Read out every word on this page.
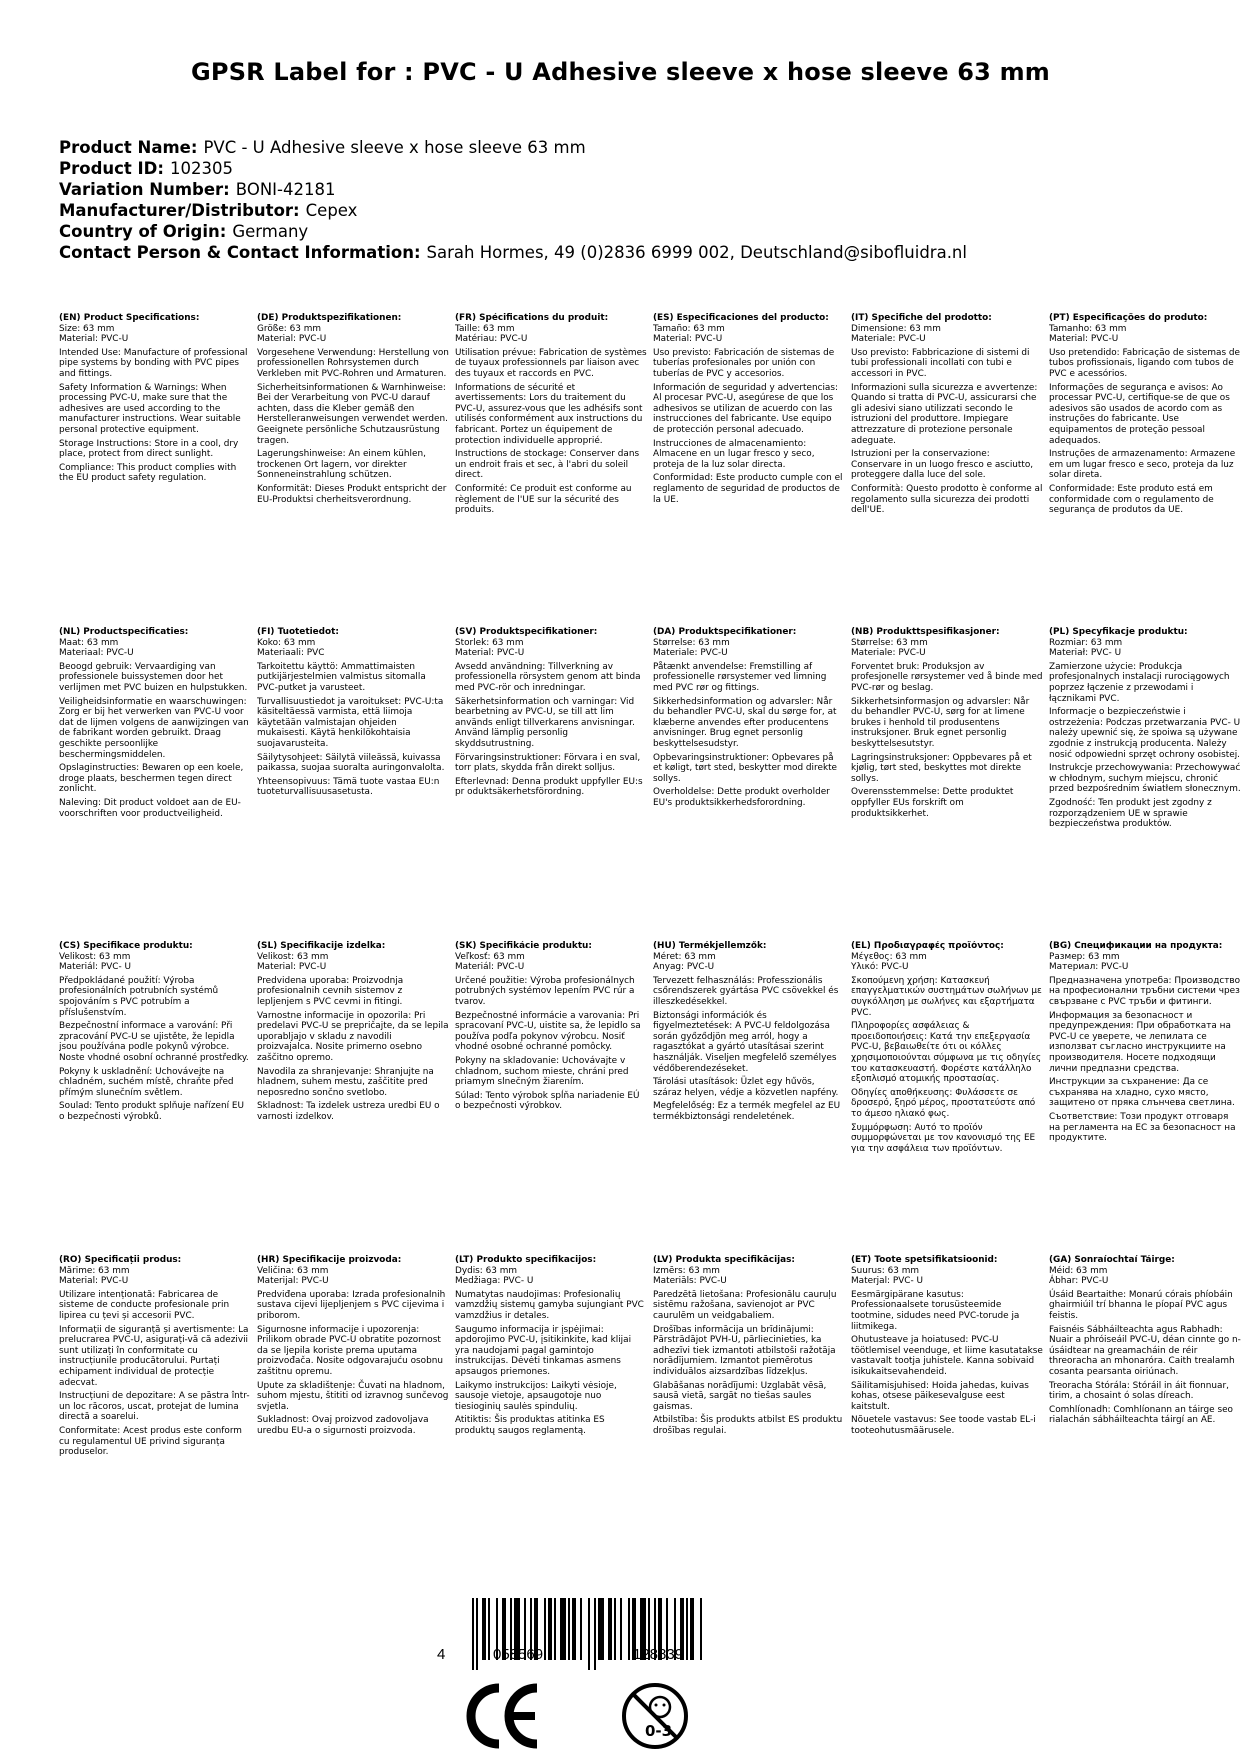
GPSR Label for : PVC - U Adhesive sleeve x hose sleeve 63 mm
Product Name: PVC - U Adhesive sleeve x hose sleeve 63 mm
Product ID: 102305
Variation Number: BONI-42181
Manufacturer/Distributor: Cepex
Country of Origin: Germany
Contact Person & Contact Information: Sarah Hormes, 49 (0)2836 6999 002, Deutschland@sibofluidra.nl
(EN) Product Specifications:
Size: 63 mm
Material: PVC-U
Intended Use: Manufacture of professional pipe systems by bonding with PVC pipes and fittings.
Safety Information & Warnings: When processing PVC-U, make sure that the adhesives are used according to the manufacturer instructions. Wear suitable personal protective equipment.
Storage Instructions: Store in a cool, dry place, protect from direct sunlight.
Compliance: This product complies with the EU product safety regulation.
(DE) Produktspezifikationen:
Größe: 63 mm
Material: PVC-U
Vorgesehene Verwendung: Herstellung von professionellen Rohrsystemen durch Verkleben mit PVC-Rohren und Armaturen.
Sicherheitsinformationen & Warnhinweise: Bei der Verarbeitung von PVC-U darauf achten, dass die Kleber gemäß den Herstelleranweisungen verwendet werden. Geeignete persönliche Schutzausrüstung tragen.
Lagerungshinweise: An einem kühlen, trockenen Ort lagern, vor direkter Sonneneinstrahlung schützen.
Konformität: Dieses Produkt entspricht der EU-Produktsi cherheitsverordnung.
(FR) Spécifications du produit:
Taille: 63 mm
Matériau: PVC-U
Utilisation prévue: Fabrication de systèmes de tuyaux professionnels par liaison avec des tuyaux et raccords en PVC.
Informations de sécurité et avertissements: Lors du traitement du PVC-U, assurez-vous que les adhésifs sont utilisés conformément aux instructions du fabricant. Portez un équipement de protection individuelle approprié.
Instructions de stockage: Conserver dans un endroit frais et sec, à l'abri du soleil direct.
Conformité: Ce produit est conforme au règlement de l'UE sur la sécurité des produits.
(ES) Especificaciones del producto:
Tamaño: 63 mm
Material: PVC-U
Uso previsto: Fabricación de sistemas de tuberías profesionales por unión con tuberías de PVC y accesorios.
Información de seguridad y advertencias: Al procesar PVC-U, asegúrese de que los adhesivos se utilizan de acuerdo con las instrucciones del fabricante. Use equipo de protección personal adecuado.
Instrucciones de almacenamiento: Almacene en un lugar fresco y seco, proteja de la luz solar directa.
Conformidad: Este producto cumple con el reglamento de seguridad de productos de la UE.
(IT) Specifiche del prodotto:
Dimensione: 63 mm
Materiale: PVC-U
Uso previsto: Fabbricazione di sistemi di tubi professionali incollati con tubi e accessori in PVC.
Informazioni sulla sicurezza e avvertenze: Quando si tratta di PVC-U, assicurarsi che gli adesivi siano utilizzati secondo le istruzioni del produttore. Impiegare attrezzature di protezione personale adeguate.
Istruzioni per la conservazione: Conservare in un luogo fresco e asciutto, proteggere dalla luce del sole.
Conformità: Questo prodotto è conforme al regolamento sulla sicurezza dei prodotti dell'UE.
(PT) Especificações do produto:
Tamanho: 63 mm
Material: PVC-U
Uso pretendido: Fabricação de sistemas de tubos profissionais, ligando com tubos de PVC e acessórios.
Informações de segurança e avisos: Ao processar PVC-U, certifique-se de que os adesivos são usados de acordo com as instruções do fabricante. Use equipamentos de proteção pessoal adequados.
Instruções de armazenamento: Armazene em um lugar fresco e seco, proteja da luz solar direta.
Conformidade: Este produto está em conformidade com o regulamento de segurança de produtos da UE.
(NL) Productspecificaties:
Maat: 63 mm
Materiaal: PVC-U
Beoogd gebruik: Vervaardiging van professionele buissystemen door het verlijmen met PVC buizen en hulpstukken.
Veiligheidsinformatie en waarschuwingen: Zorg er bij het verwerken van PVC-U voor dat de lijmen volgens de aanwijzingen van de fabrikant worden gebruikt. Draag geschikte persoonlijke beschermingsmiddelen.
Opslaginstructies: Bewaren op een koele, droge plaats, beschermen tegen direct zonlicht.
Naleving: Dit product voldoet aan de EU-voorschriften voor productveiligheid.
(FI) Tuotetiedot:
Koko: 63 mm
Materiaali: PVC
Tarkoitettu käyttö: Ammattimaisten putkijärjestelmien valmistus sitomalla PVC-putket ja varusteet.
Turvallisuustiedot ja varoitukset: PVC-U:ta käsiteltäessä varmista, että liimoja käytetään valmistajan ohjeiden mukaisesti. Käytä henkilökohtaisia suojavarusteita.
Säilytysohjeet: Säilytä viileässä, kuivassa paikassa, suojaa suoralta auringonvalolta.
Yhteensopivuus: Tämä tuote vastaa EU:n tuoteturvallisuusasetusta.
(SV) Produktspecifikationer:
Storlek: 63 mm
Material: PVC-U
Avsedd användning: Tillverkning av professionella rörsystem genom att binda med PVC-rör och inredningar.
Säkerhetsinformation och varningar: Vid bearbetning av PVC-U, se till att lim används enligt tillverkarens anvisningar. Använd lämplig personlig skyddsutrustning.
Förvaringsinstruktioner: Förvara i en sval, torr plats, skydda från direkt solljus.
Efterlevnad: Denna produkt uppfyller EU:s pr oduktsäkerhetsförordning.
(DA) Produktspecifikationer:
Størrelse: 63 mm
Materiale: PVC-U
Påtænkt anvendelse: Fremstilling af professionelle rørsystemer ved limning med PVC rør og fittings.
Sikkerhedsinformation og advarsler: Når du behandler PVC-U, skal du sørge for, at klæberne anvendes efter producentens anvisninger. Brug egnet personlig beskyttelsesudstyr.
Opbevaringsinstruktioner: Opbevares på et køligt, tørt sted, beskytter mod direkte sollys.
Overholdelse: Dette produkt overholder EU's produktsikkerhedsforordning.
(NB) Produkttspesifikasjoner:
Størrelse: 63 mm
Materiale: PVC-U
Forventet bruk: Produksjon av profesjonelle rørsystemer ved å binde med PVC-rør og beslag.
Sikkerhetsinformasjon og advarsler: Når du behandler PVC-U, sørg for at limene brukes i henhold til produsentens instruksjoner. Bruk egnet personlig beskyttelsesutstyr.
Lagringsinstruksjoner: Oppbevares på et kjølig, tørt sted, beskyttes mot direkte sollys.
Overensstemmelse: Dette produktet oppfyller EUs forskrift om produktsikkerhet.
(PL) Specyfikacje produktu:
Rozmiar: 63 mm
Materiał: PVC- U
Zamierzone użycie: Produkcja profesjonalnych instalacji rurociągowych poprzez łączenie z przewodami i łącznikami PVC.
Informacje o bezpieczeństwie i ostrzeżenia: Podczas przetwarzania PVC- U należy upewnić się, że spoiwa są używane zgodnie z instrukcją producenta. Należy nosić odpowiedni sprzęt ochrony osobistej.
Instrukcje przechowywania: Przechowywać w chłodnym, suchym miejscu, chronić przed bezpośrednim światłem słonecznym.
Zgodność: Ten produkt jest zgodny z rozporządzeniem UE w sprawie bezpieczeństwa produktów.
(CS) Specifikace produktu:
Velikost: 63 mm
Materiál: PVC- U
Předpokládané použití: Výroba profesionálních potrubních systémů spojováním s PVC potrubím a příslušenstvím.
Bezpečnostní informace a varování: Při zpracování PVC-U se ujistěte, že lepidla jsou používána podle pokynů výrobce. Noste vhodné osobní ochranné prostředky.
Pokyny k uskladnění: Uchovávejte na chladném, suchém místě, chraňte před přímým slunečním světlem.
Soulad: Tento produkt splňuje nařízení EU o bezpečnosti výrobků.
(SL) Specifikacije izdelka:
Velikost: 63 mm
Material: PVC-U
Predvidena uporaba: Proizvodnja profesionalnih cevnih sistemov z lepljenjem s PVC cevmi in fitingi.
Varnostne informacije in opozorila: Pri predelavi PVC-U se prepričajte, da se lepila uporabljajo v skladu z navodili proizvajalca. Nosite primerno osebno zaščitno opremo.
Navodila za shranjevanje: Shranjujte na hladnem, suhem mestu, zaščitite pred neposredno sončno svetlobo.
Skladnost: Ta izdelek ustreza uredbi EU o varnosti izdelkov.
(SK) Špecifikácie produktu:
Veľkosť: 63 mm
Materiál: PVC-U
Určené použitie: Výroba profesionálnych potrubných systémov lepením PVC rúr a tvarov.
Bezpečnostné informácie a varovania: Pri spracovaní PVC-U, uistite sa, že lepidlo sa používa podľa pokynov výrobcu. Nosiť vhodné osobné ochranné pomôcky.
Pokyny na skladovanie: Uchovávajte v chladnom, suchom mieste, chráni pred priamym slnečným žiarením.
Súlad: Tento výrobok spĺňa nariadenie EÚ o bezpečnosti výrobkov.
(HU) Termékjellemzők:
Méret: 63 mm
Anyag: PVC-U
Tervezett felhasználás: Professzionális csőrendszerek gyártása PVC csövekkel és illeszkedésekkel.
Biztonsági információk és figyelmeztetések: A PVC-U feldolgozása során győződjön meg arról, hogy a ragasztókat a gyártó utasításai szerint használják. Viseljen megfelelő személyes védőberendezéseket.
Tárolási utasítások: Üzlet egy hűvös, száraz helyen, védje a közvetlen napfény.
Megfelelőség: Ez a termék megfelel az EU termékbiztonsági rendeletének.
(EL) Προδιαγραφές προϊόντος:
Μέγεθος: 63 mm
Υλικό: PVC-U
Σκοπούμενη χρήση: Κατασκευή επαγγελματικών συστημάτων σωλήνων με συγκόλληση με σωλήνες και εξαρτήματα PVC.
Πληροφορίες ασφάλειας & προειδοποιήσεις: Κατά την επεξεργασία PVC-U, βεβαιωθείτε ότι οι κόλλες χρησιμοποιούνται σύμφωνα με τις οδηγίες του κατασκευαστή. Φορέστε κατάλληλο εξοπλισμό ατομικής προστασίας.
Οδηγίες αποθήκευσης: Φυλάσσετε σε δροσερό, ξηρό μέρος, προστατεύστε από το άμεσο ηλιακό φως.
Συμμόρφωση: Αυτό το προϊόν συμμορφώνεται με τον κανονισμό της ΕΕ για την ασφάλεια των προϊόντων.
(BG) Спецификации на продукта:
Размер: 63 mm
Материал: PVC-U
Предназначена употреба: Производство на професионални тръбни системи чрез свързване с PVC тръби и фитинги.
Информация за безопасност и предупреждения: При обработката на PVC-U се уверете, че лепилата се използват съгласно инструкциите на производителя. Носете подходящи лични предпазни средства.
Инструкции за съхранение: Да се съхранява на хладно, сухо място, защитено от пряка слънчева светлина.
Съответствие: Този продукт отговаря на регламента на ЕС за безопасност на продуктите.
(RO) Specificații produs:
Mărime: 63 mm
Material: PVC-U
Utilizare intenționată: Fabricarea de sisteme de conducte profesionale prin lipirea cu țevi și accesorii PVC.
Informații de siguranță și avertismente: La prelucrarea PVC-U, asigurați-vă că adezivii sunt utilizați în conformitate cu instrucțiunile producătorului. Purtați echipament individual de protecție adecvat.
Instrucțiuni de depozitare: A se păstra într- un loc răcoros, uscat, protejat de lumina directă a soarelui.
Conformitate: Acest produs este conform cu regulamentul UE privind siguranța produselor.
(HR) Specifikacije proizvoda:
Veličina: 63 mm
Materijal: PVC-U
Predviđena uporaba: Izrada profesionalnih sustava cijevi lijepljenjem s PVC cijevima i priborom.
Sigurnosne informacije i upozorenja: Prilikom obrade PVC-U obratite pozornost da se ljepila koriste prema uputama proizvođača. Nosite odgovarajuću osobnu zaštitnu opremu.
Upute za skladištenje: Čuvati na hladnom, suhom mjestu, štititi od izravnog sunčevog svjetla.
Sukladnost: Ovaj proizvod zadovoljava uredbu EU-a o sigurnosti proizvoda.
(LT) Produkto specifikacijos:
Dydis: 63 mm
Medžiaga: PVC- U
Numatytas naudojimas: Profesionalių vamzdžių sistemų gamyba sujungiant PVC vamzdžius ir detales.
Saugumo informacija ir įspėjimai: apdorojimo PVC-U, įsitikinkite, kad klijai yra naudojami pagal gamintojo instrukcijas. Dėvėti tinkamas asmens apsaugos priemones.
Laikymo instrukcijos: Laikyti vėsioje, sausoje vietoje, apsaugotoje nuo tiesioginių saulės spindulių.
Atitiktis: Šis produktas atitinka ES produktų saugos reglamentą.
(LV) Produkta specifikācijas:
Izmērs: 63 mm
Materiāls: PVC-U
Paredzētā lietošana: Profesionālu cauruļu sistēmu ražošana, savienojot ar PVC caurulēm un veidgabaliem.
Drošības informācija un brīdinājumi: Pārstrādājot PVH-U, pārliecinieties, ka adhezīvi tiek izmantoti atbilstoši ražotāja norādījumiem. Izmantot piemērotus individuālos aizsardzības līdzekļus.
Glabāšanas norādījumi: Uzglabāt vēsā, sausā vietā, sargāt no tiešas saules gaismas.
Atbilstība: Šis produkts atbilst ES produktu drošības regulai.
(ET) Toote spetsifikatsioonid:
Suurus: 63 mm
Materjal: PVC- U
Eesmärgipärane kasutus: Professionaalsete torusüsteemide tootmine, sidudes need PVC-torude ja liitmikega.
Ohutusteave ja hoiatused: PVC-U töötlemisel veenduge, et liime kasutatakse vastavalt tootja juhistele. Kanna sobivaid isikukaitsevahendeid.
Säilitamisjuhised: Hoida jahedas, kuivas kohas, otsese päikesevalguse eest kaitstult.
Nõuetele vastavus: See toode vastab EL-i tooteohutusmäärusele.
(GA) Sonraíochtaí Táirge:
Méid: 63 mm
Ábhar: PVC-U
Úsáid Beartaithe: Monarú córais phíobáin ghairmiúil trí bhanna le píopaí PVC agus feistis.
Faisnéis Sábháilteachta agus Rabhadh: Nuair a phróiseáil PVC-U, déan cinnte go n-úsáidtear na greamacháin de réir threoracha an mhonaróra. Caith trealamh cosanta pearsanta oiriúnach.
Treoracha Stórála: Stóráil in áit fionnuar, tirim, a chosaint ó solas díreach.
Comhlíonadh: Comhlíonann an táirge seo rialachán sábháilteachta táirgí an AE.
4	058569	128839
0-3
